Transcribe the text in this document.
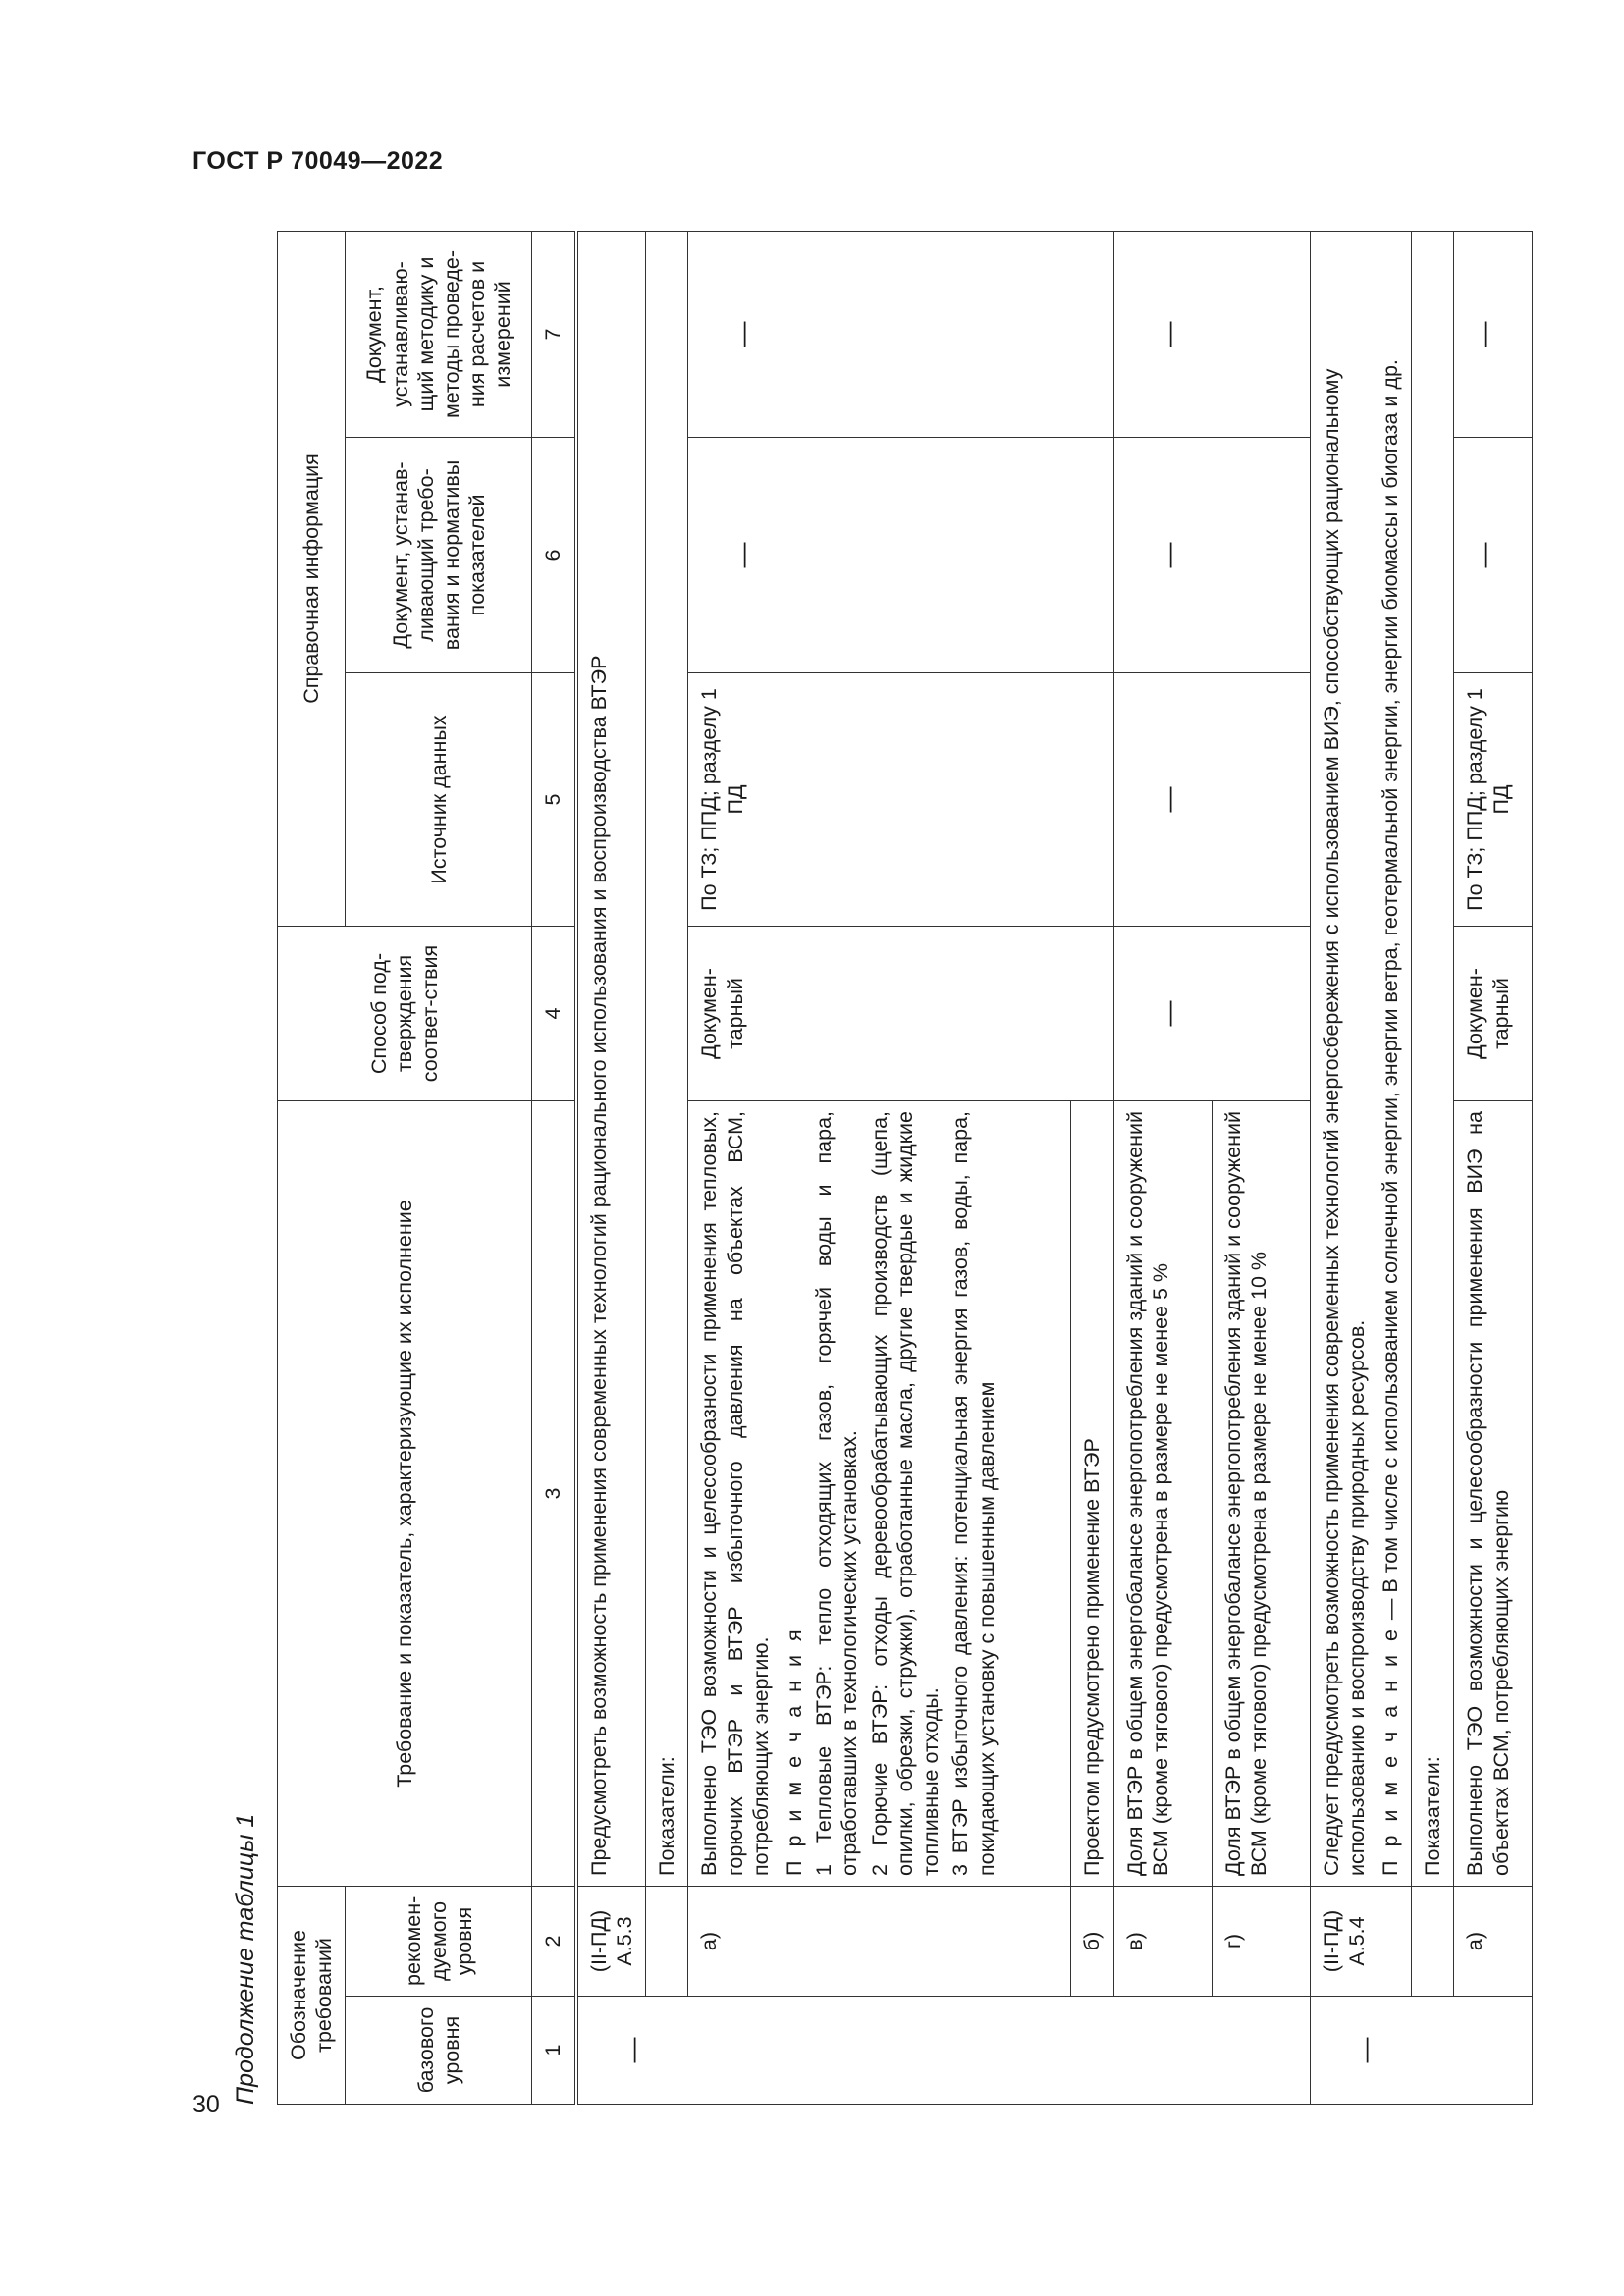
ГОСТ Р 70049—2022
30 Продолжение таблицы 1 Обозначение требований		Требование и показатель, характеризующие их исполнение	Способ под-тверждения соответ-ствия	Справочная информация		
базового уровня	рекомен-дуемого уровня			Источник данных	Документ, устанав-ливающий требо-вания и нормативы показателей	Документ, устанавливаю-щий методику и методы проведе-ния расчетов и измерений
1	2	3	4	5	6	7
—	(II-ПД) А.5.3	Предусмотреть возможность применения современных технологий рационального использования и воспроизводства ВТЭР				
		Показатели:				
	а)	Выполнено ТЭО возможности и целесообразности применения тепловых, горючих ВТЭР и ВТЭР избыточного давления на объектах ВСМ, потребляющих энергию. П р и м е ч а н и я 1 Тепловые ВТЭР: тепло отходящих газов, горячей воды и пара, отработавших в технологических установках. 2 Горючие ВТЭР: отходы деревообрабатывающих производств (щепа, опилки, обрезки, стружки), отработанные масла, другие твердые и жидкие топливные отходы. 3 ВТЭР избыточного давления: потенциальная энергия газов, воды, пара, покидающих установку с повышенным давлением	Докумен-тарный	По ТЗ; ППД; разделу 1 ПД	—	—
	б)	Проектом предусмотрено применение ВТЭР				
	в)	Доля ВТЭР в общем энергобалансе энергопотребления зданий и сооружений ВСМ (кроме тягового) предусмотрена в размере не менее 5 %	—	—	—	—
	г)	Доля ВТЭР в общем энергобалансе энергопотребления зданий и сооружений ВСМ (кроме тягового) предусмотрена в размере не менее 10 %				
—	(II-ПД) А.5.4	Следует предусмотреть возможность применения современных технологий энергосбережения с использованием ВИЭ, способствующих рациональному использованию и воспроизводству природных ресурсов. П р и м е ч а н и е — В том числе с использованием солнечной энергии, энергии ветра, геотермальной энергии, энергии биомассы и биогаза и др.				

		Показатели:				
	а)	Выполнено ТЭО возможности и целесообразности применения ВИЭ на объектах ВСМ, потребляющих энергию	Докумен-тарный	По ТЗ; ППД; разделу 1 ПД	—	—
